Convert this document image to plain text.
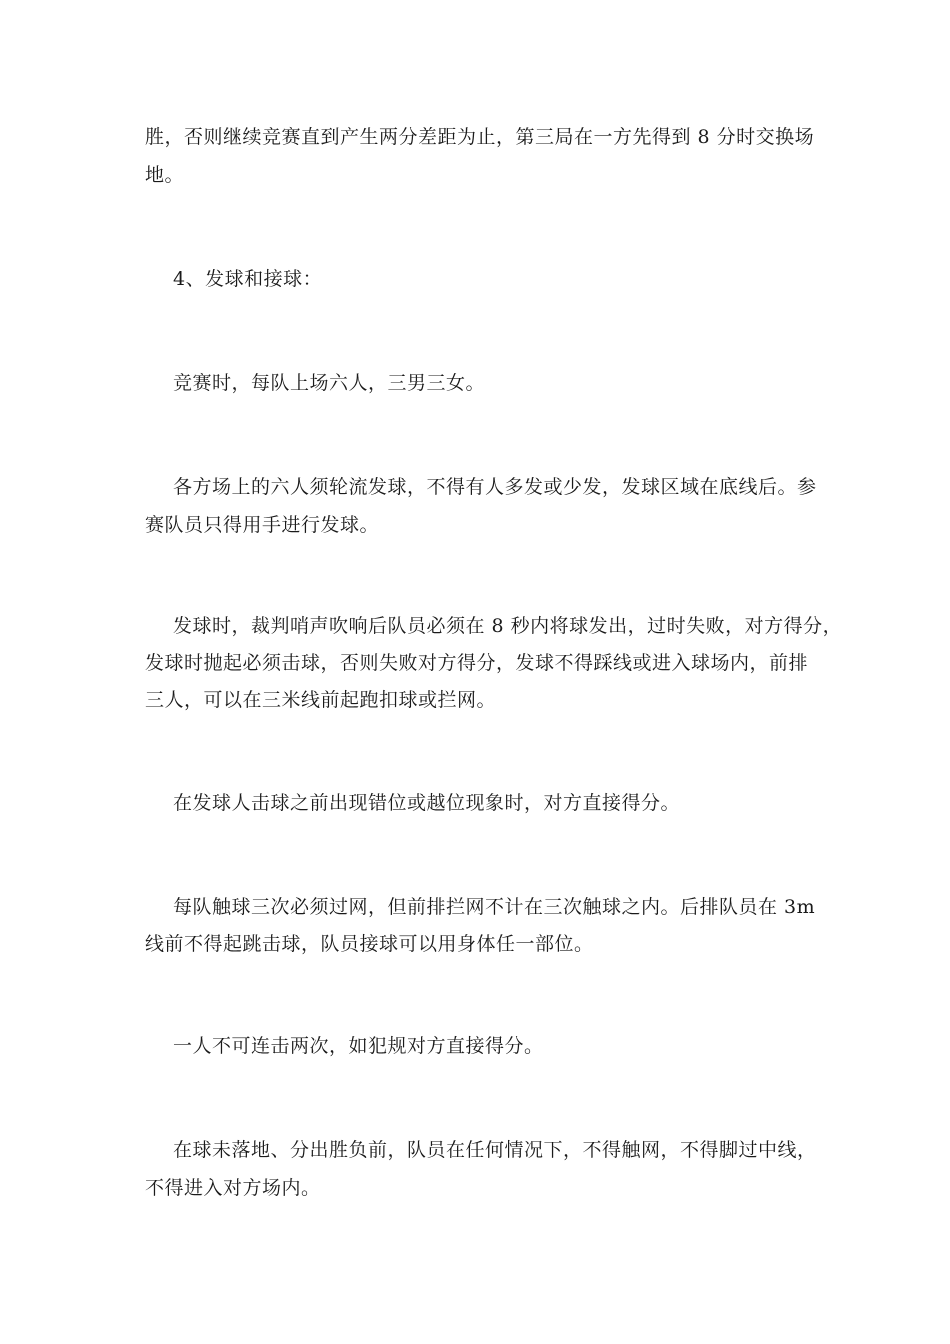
胜，否则继续竞赛直到产生两分差距为止，第三局在一方先得到 8 分时交换场
地。
4、发球和接球：
竞赛时，每队上场六人，三男三女。
各方场上的六人须轮流发球，不得有人多发或少发，发球区域在底线后。参
赛队员只得用手进行发球。
发球时，裁判哨声吹响后队员必须在 8 秒内将球发出，过时失败，对方得分，
发球时抛起必须击球，否则失败对方得分，发球不得踩线或进入球场内，前排
三人，可以在三米线前起跑扣球或拦网。
在发球人击球之前出现错位或越位现象时，对方直接得分。
每队触球三次必须过网，但前排拦网不计在三次触球之内。后排队员在 3m
线前不得起跳击球，队员接球可以用身体任一部位。
一人不可连击两次，如犯规对方直接得分。
在球未落地、分出胜负前，队员在任何情况下，不得触网，不得脚过中线，
不得进入对方场内。
